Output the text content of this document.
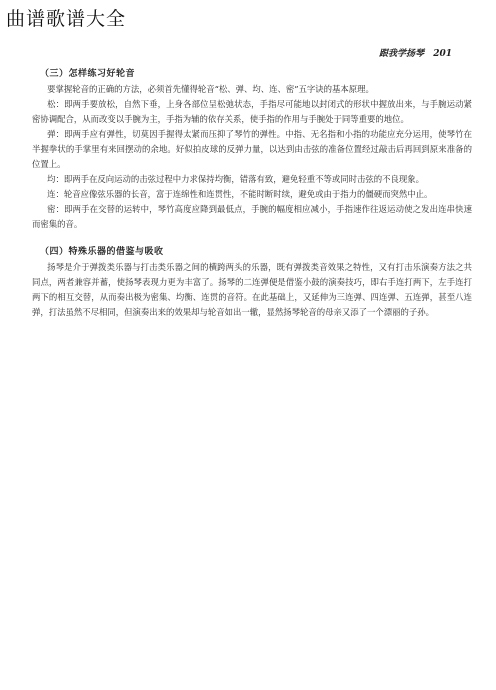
曲谱歌谱大全
跟我学扬琴 201

（三）怎样练习好轮音

要掌握轮音的正确的方法，必须首先懂得轮音“松、弹、均、连、密”五字诀的基本原理。

松：即两手要放松，自然下垂，上身各部位呈松弛状态，手指尽可能地以封闭式的形状中握放出来，与手腕运动紧密协调配合，从而改变以手腕为主，手指为辅的依存关系，使手指的作用与手腕处于同等重要的地位。

弹：即两手应有弹性，切莫因手握得太紧而压抑了琴竹的弹性。中指、无名指和小指的功能应充分运用，使琴竹在半握拳状的手掌里有来回摆动的余地。好似拍皮球的反弹力量，以达到由击弦的准备位置经过敲击后再回到原来准备的位置上。

均：即两手在反向运动的击弦过程中力求保持均衡，错落有致，避免轻重不等或同时击弦的不良现象。

连：轮音应像弦乐器的长音，富于连绵性和连贯性，不能时断时续，避免或由于指力的僵硬而突然中止。

密：即两手在交替的运转中，琴竹高度应降到最低点，手腕的幅度相应减小，手指速作往返运动使之发出连串快速而密集的音。

（四）特殊乐器的借鉴与吸收

扬琴是介于弹拨类乐器与打击类乐器之间的横跨两头的乐器，既有弹拨类音效果之特性，又有打击乐演奏方法之共同点，两者兼容并蓄，使扬琴表现力更为丰富了。扬琴的二连弹便是借鉴小鼓的演奏技巧，即右手连打两下，左手连打两下的相互交替，从而奏出极为密集、均衡、连贯的音符。在此基础上，又延伸为三连弹、四连弹、五连弹，甚至八连弹，打法虽然不尽相同，但演奏出来的效果却与轮音如出一辙，显然扬琴轮音的母亲又添了一个漂丽的子孙。
